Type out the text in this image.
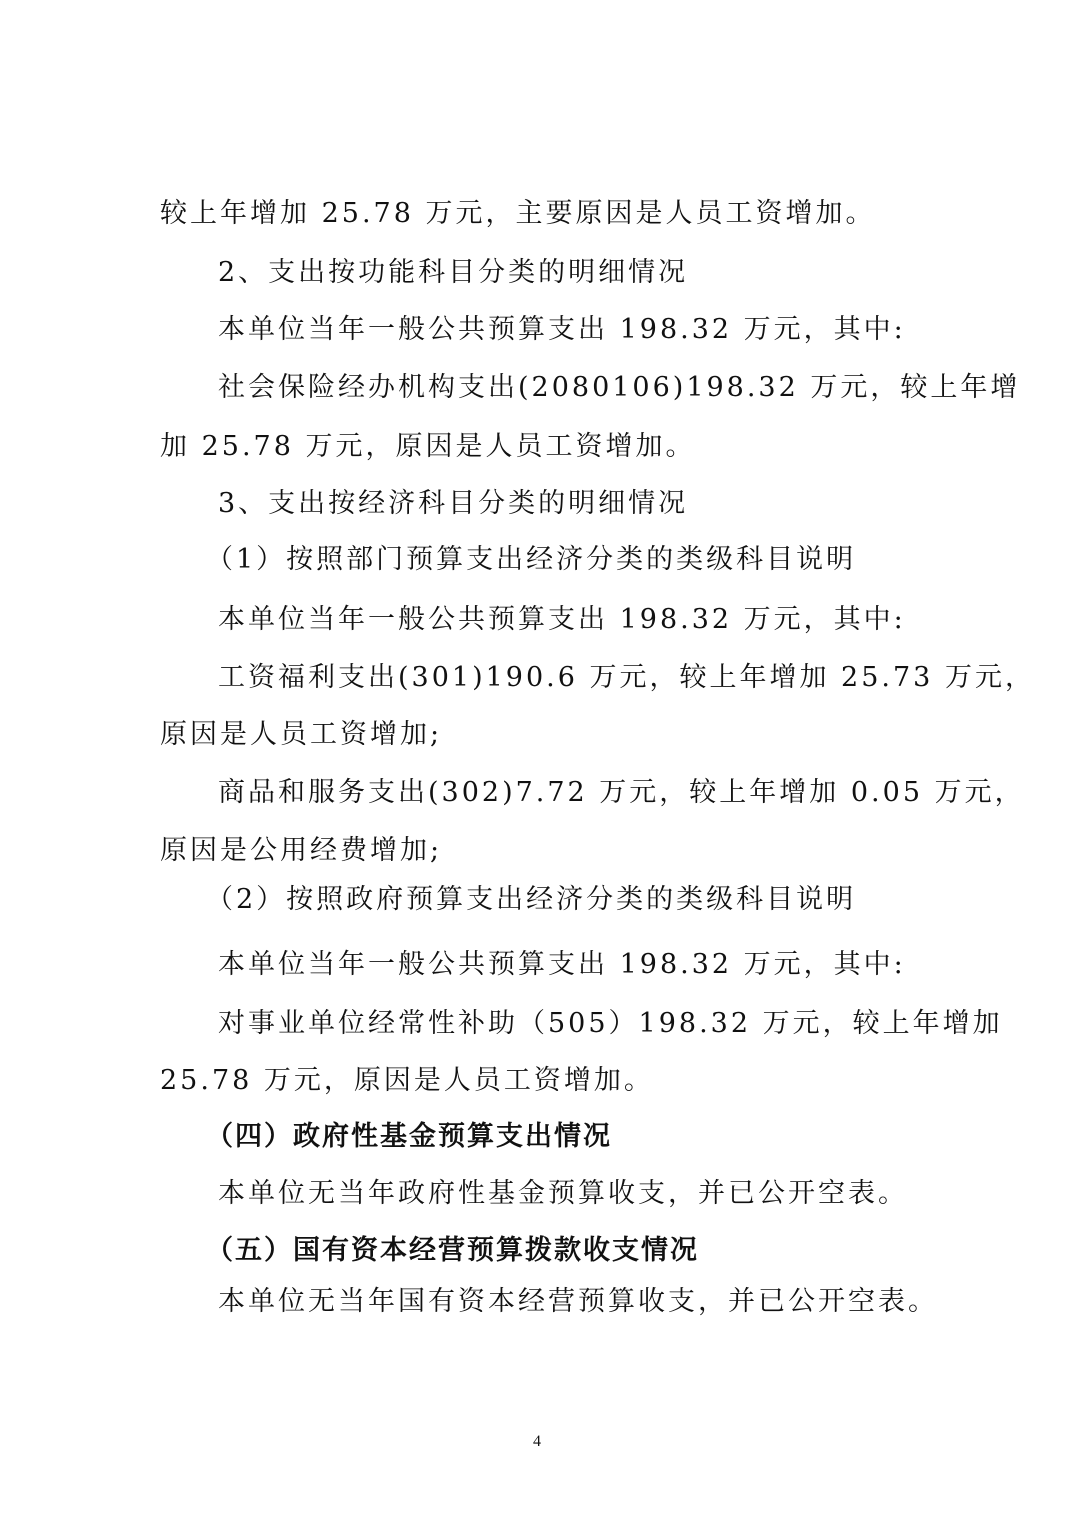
较上年增加 25.78 万元，主要原因是人员工资增加。

2、支出按功能科目分类的明细情况

本单位当年一般公共预算支出 198.32 万元，其中:

社会保险经办机构支出(2080106)198.32 万元，较上年增

加 25.78 万元，原因是人员工资增加。

3、支出按经济科目分类的明细情况

（1）按照部门预算支出经济分类的类级科目说明

本单位当年一般公共预算支出 198.32 万元，其中:

工资福利支出(301)190.6 万元，较上年增加 25.73 万元，

原因是人员工资增加;

商品和服务支出(302)7.72 万元，较上年增加 0.05 万元，

原因是公用经费增加;

（2）按照政府预算支出经济分类的类级科目说明

本单位当年一般公共预算支出 198.32 万元，其中:

对事业单位经常性补助（505）198.32 万元，较上年增加

25.78 万元，原因是人员工资增加。

（四）政府性基金预算支出情况

本单位无当年政府性基金预算收支，并已公开空表。

（五）国有资本经营预算拨款收支情况

本单位无当年国有资本经营预算收支，并已公开空表。

4
